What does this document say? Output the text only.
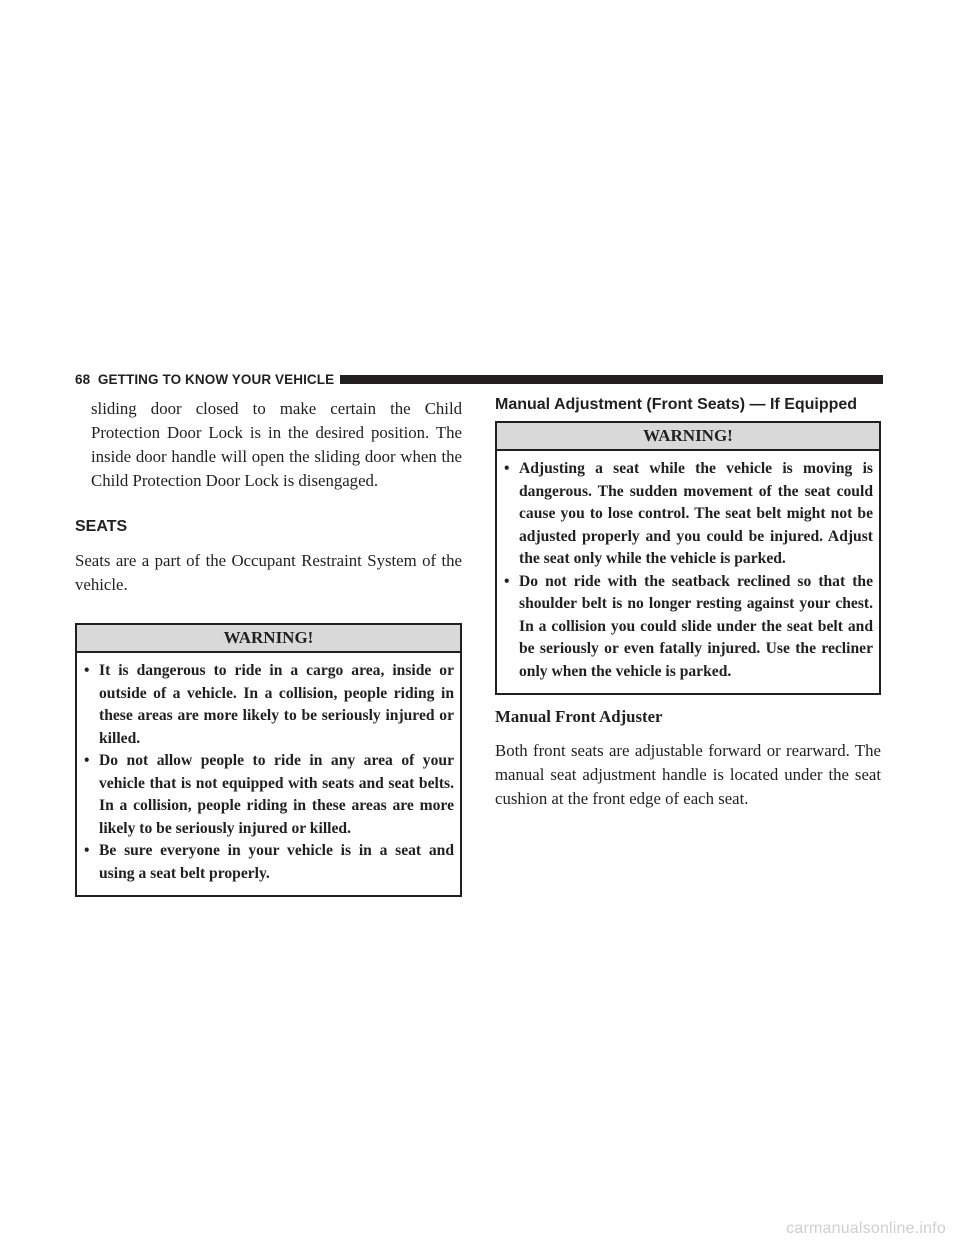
68 GETTING TO KNOW YOUR VEHICLE

sliding door closed to make certain the Child Protection Door Lock is in the desired position. The inside door handle will open the sliding door when the Child Protection Door Lock is disengaged.

SEATS

Seats are a part of the Occupant Restraint System of the vehicle.

WARNING!
• It is dangerous to ride in a cargo area, inside or outside of a vehicle. In a collision, people riding in these areas are more likely to be seriously injured or killed.
• Do not allow people to ride in any area of your vehicle that is not equipped with seats and seat belts. In a collision, people riding in these areas are more likely to be seriously injured or killed.
• Be sure everyone in your vehicle is in a seat and using a seat belt properly.
Manual Adjustment (Front Seats) — If Equipped
WARNING!
• Adjusting a seat while the vehicle is moving is dangerous. The sudden movement of the seat could cause you to lose control. The seat belt might not be adjusted properly and you could be injured. Adjust the seat only while the vehicle is parked.
• Do not ride with the seatback reclined so that the shoulder belt is no longer resting against your chest. In a collision you could slide under the seat belt and be seriously or even fatally injured. Use the recliner only when the vehicle is parked.
Manual Front Adjuster

Both front seats are adjustable forward or rearward. The manual seat adjustment handle is located under the seat cushion at the front edge of each seat.

carmanualsonline.info
